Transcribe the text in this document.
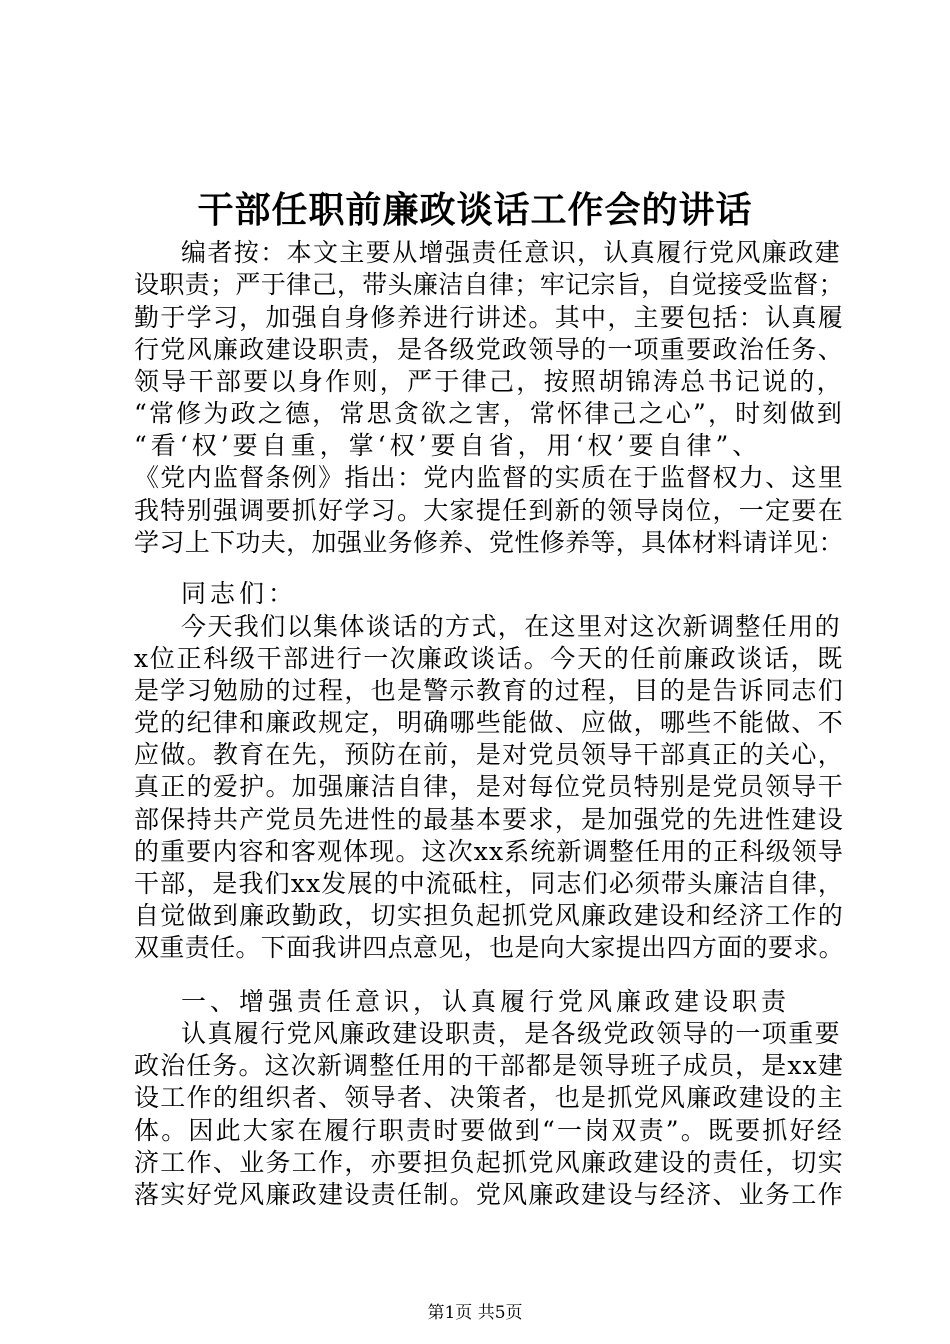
干部任职前廉政谈话工作会的讲话
编者按：本文主要从增强责任意识，认真履行党风廉政建
设职责；严于律己，带头廉洁自律；牢记宗旨，自觉接受监督；
勤于学习，加强自身修养进行讲述。其中，主要包括：认真履
行党风廉政建设职责，是各级党政领导的一项重要政治任务、
领导干部要以身作则，严于律己，按照胡锦涛总书记说的，
“常修为政之德，常思贪欲之害，常怀律己之心”，时刻做到
“看‘权’要自重，掌‘权’要自省，用‘权’要自律”、
《党内监督条例》指出：党内监督的实质在于监督权力、这里
我特别强调要抓好学习。大家提任到新的领导岗位，一定要在
学习上下功夫，加强业务修养、党性修养等，具体材料请详见：
同志们：
今天我们以集体谈话的方式，在这里对这次新调整任用的
x位正科级干部进行一次廉政谈话。今天的任前廉政谈话，既
是学习勉励的过程，也是警示教育的过程，目的是告诉同志们
党的纪律和廉政规定，明确哪些能做、应做，哪些不能做、不
应做。教育在先，预防在前，是对党员领导干部真正的关心，
真正的爱护。加强廉洁自律，是对每位党员特别是党员领导干
部保持共产党员先进性的最基本要求，是加强党的先进性建设
的重要内容和客观体现。这次xx系统新调整任用的正科级领导
干部，是我们xx发展的中流砥柱，同志们必须带头廉洁自律，
自觉做到廉政勤政，切实担负起抓党风廉政建设和经济工作的
双重责任。下面我讲四点意见，也是向大家提出四方面的要求。
一、增强责任意识，认真履行党风廉政建设职责
认真履行党风廉政建设职责，是各级党政领导的一项重要
政治任务。这次新调整任用的干部都是领导班子成员，是xx建
设工作的组织者、领导者、决策者，也是抓党风廉政建设的主
体。因此大家在履行职责时要做到“一岗双责”。既要抓好经
济工作、业务工作，亦要担负起抓党风廉政建设的责任，切实
落实好党风廉政建设责任制。党风廉政建设与经济、业务工作
第1页 共5页
